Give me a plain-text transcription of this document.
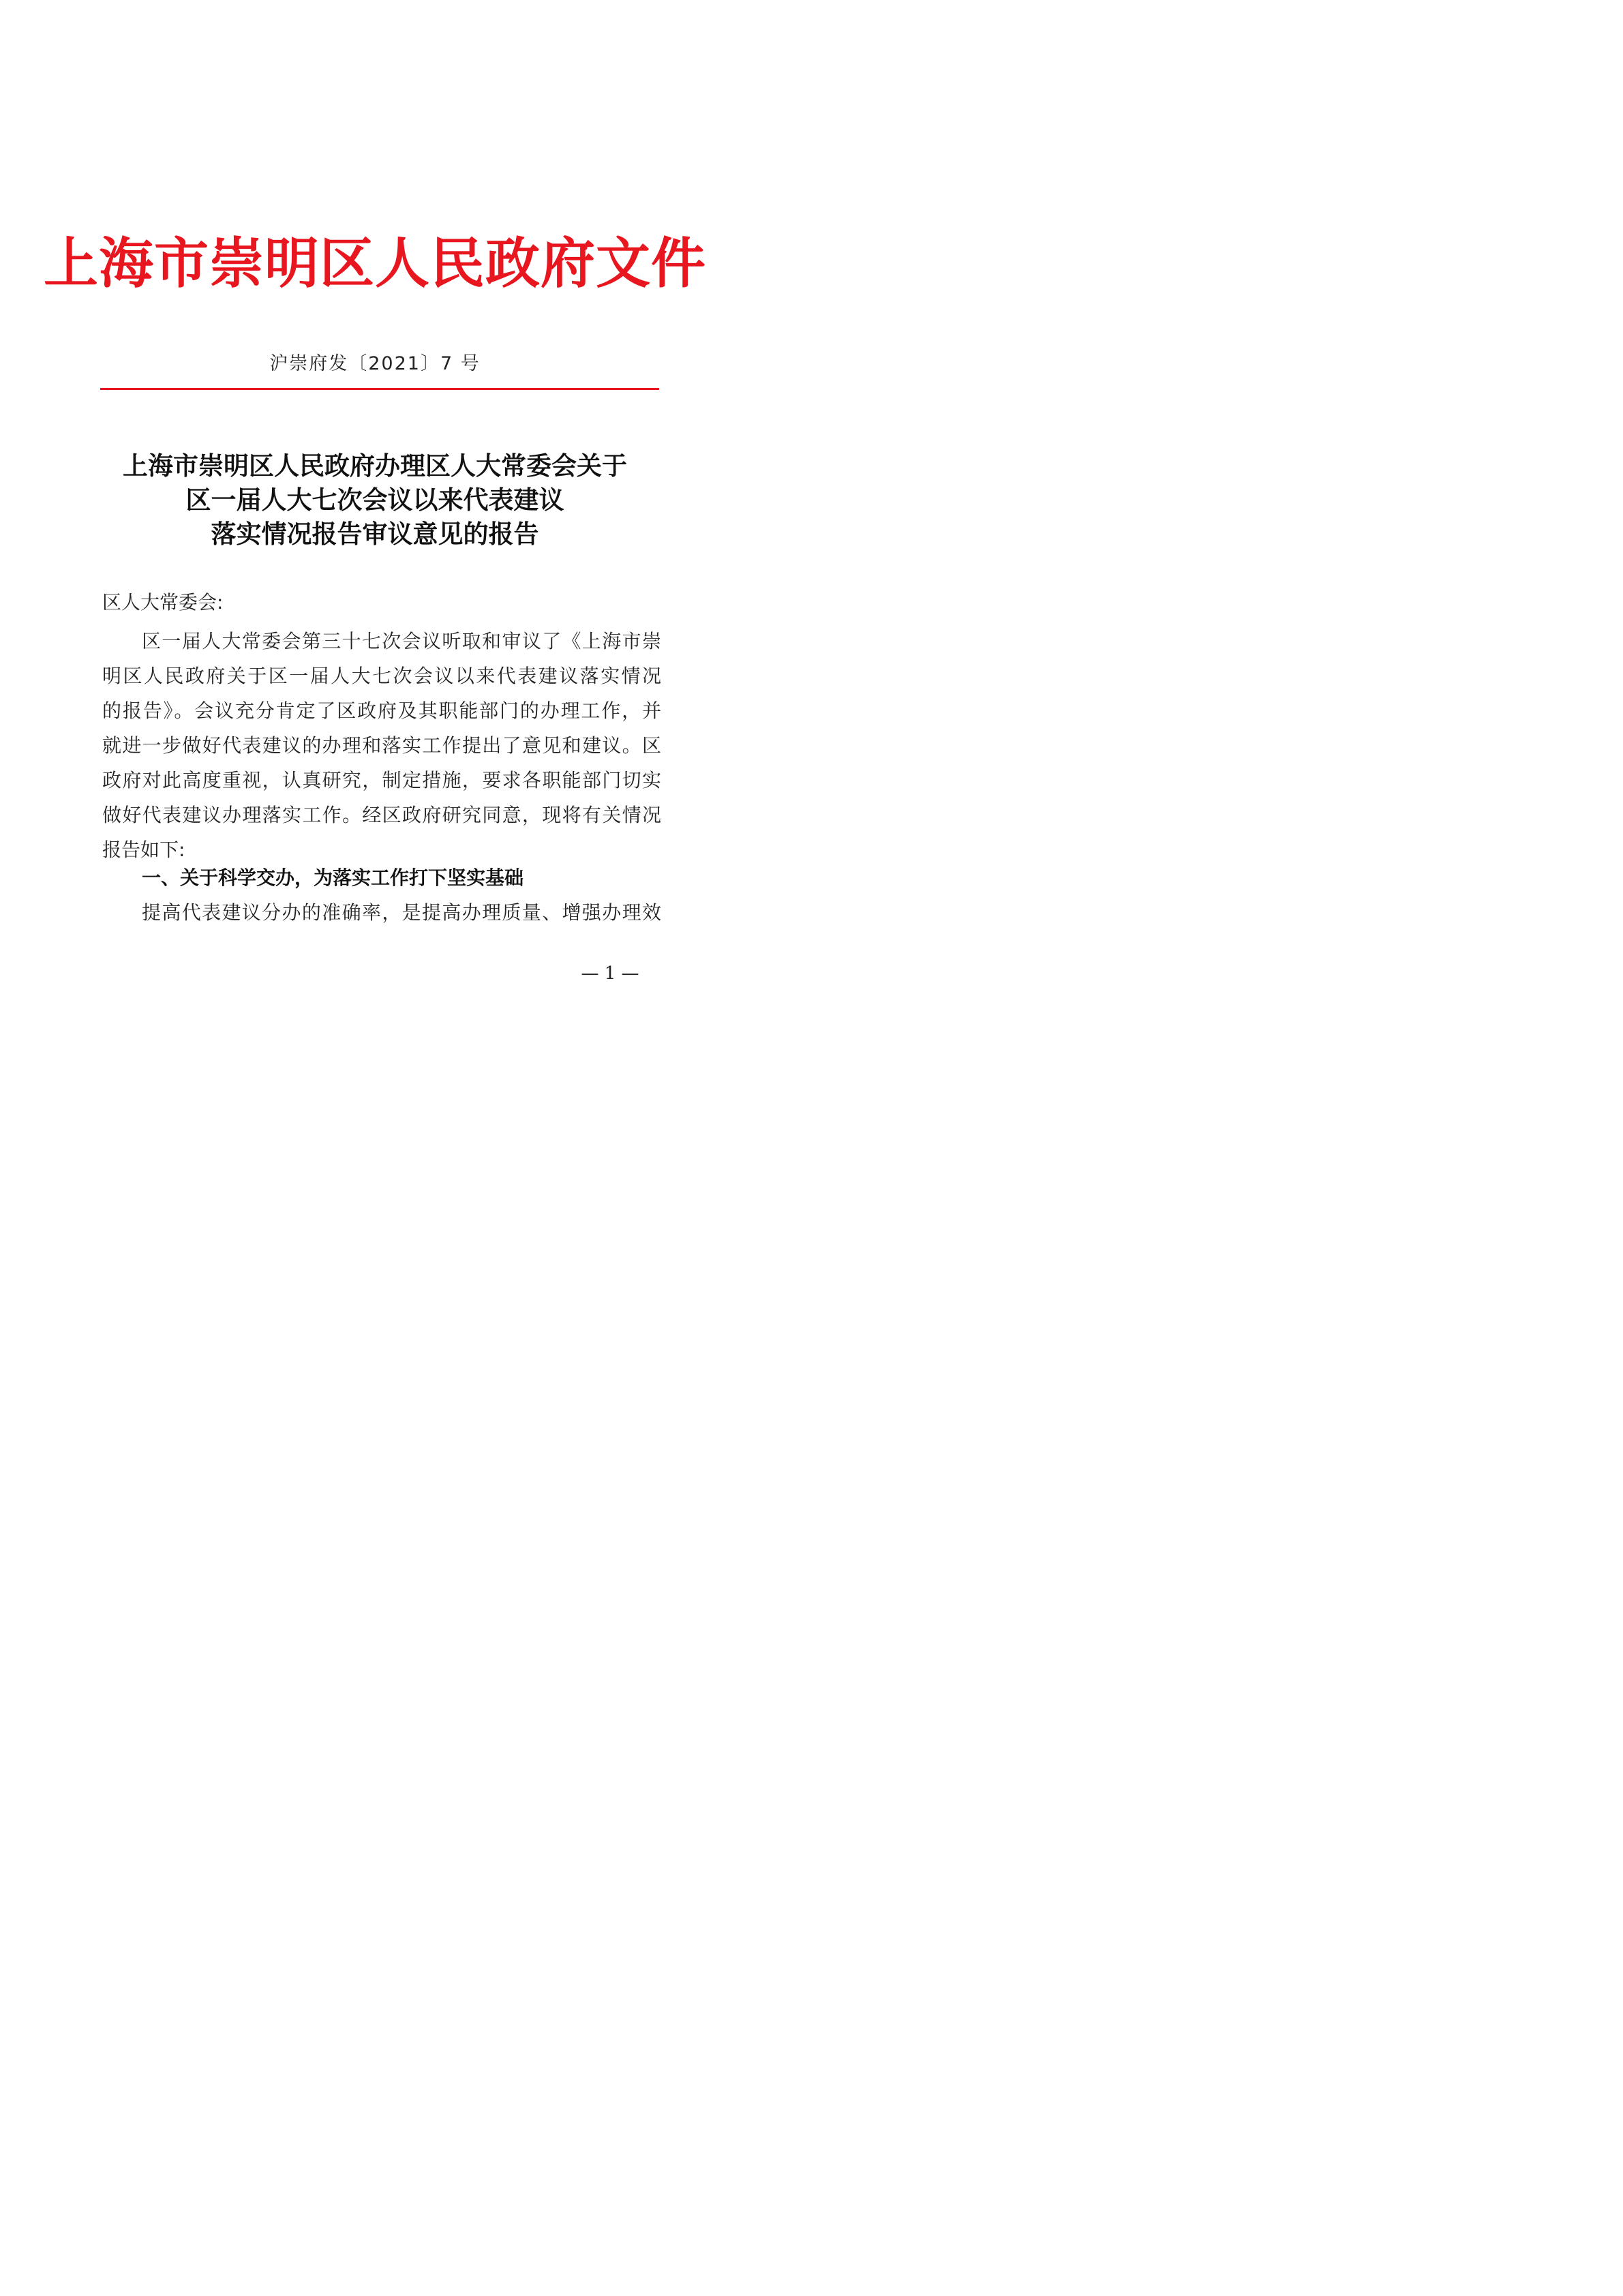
上海市崇明区人民政府文件
沪崇府发〔2021〕7 号
上海市崇明区人民政府办理区人大常委会关于
区一届人大七次会议以来代表建议
落实情况报告审议意见的报告
区人大常委会:
区一届人大常委会第三十七次会议听取和审议了《上海市崇
明区人民政府关于区一届人大七次会议以来代表建议落实情况
的报告》。会议充分肯定了区政府及其职能部门的办理工作，并
就进一步做好代表建议的办理和落实工作提出了意见和建议。区
政府对此高度重视，认真研究，制定措施，要求各职能部门切实
做好代表建议办理落实工作。经区政府研究同意，现将有关情况
报告如下:
一、关于科学交办，为落实工作打下坚实基础
提高代表建议分办的准确率，是提高办理质量、增强办理效
— 1 —
